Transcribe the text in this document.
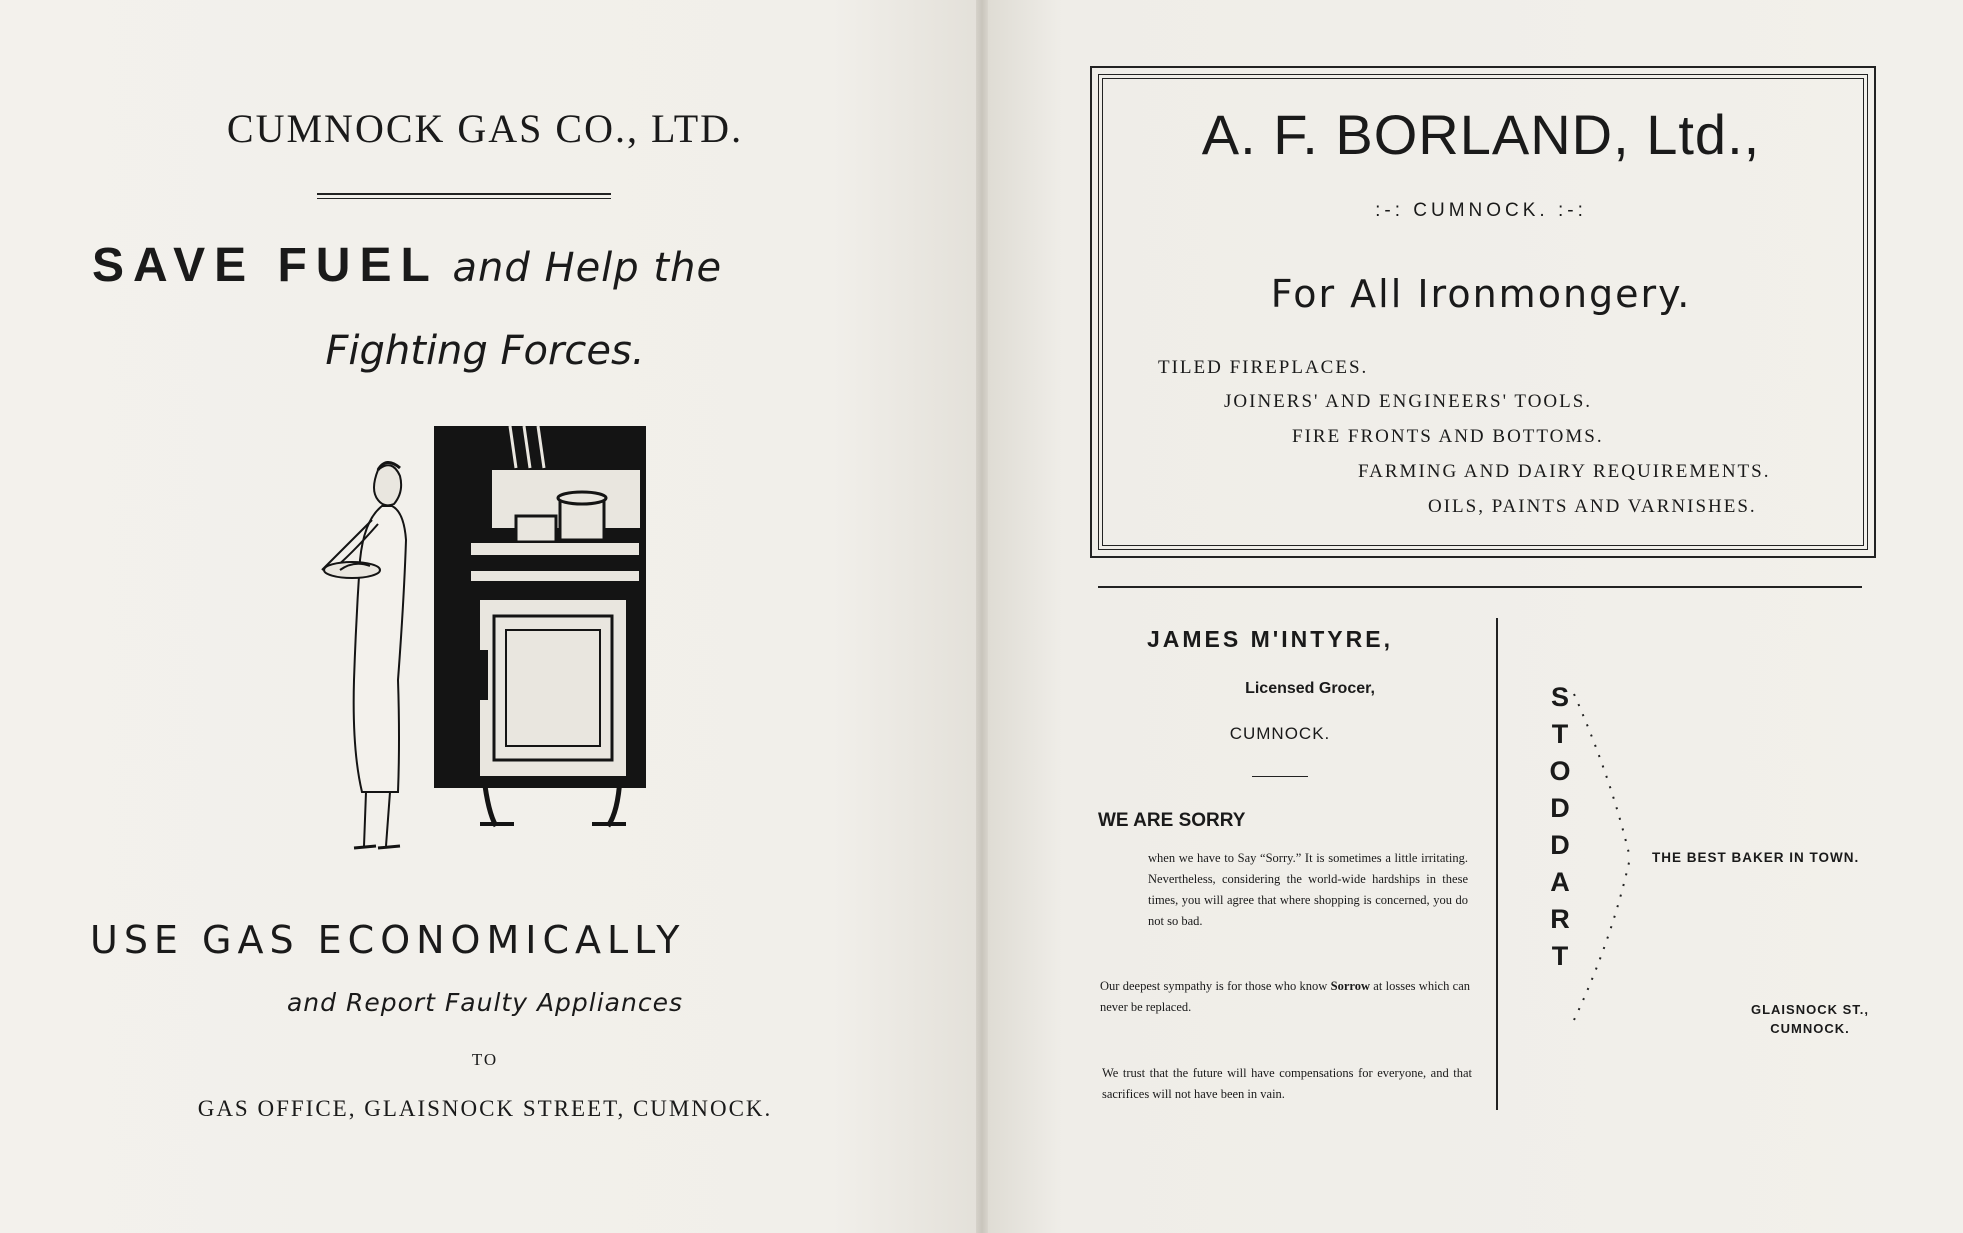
CUMNOCK GAS CO., LTD.
SAVE FUEL and Help the
Fighting Forces.
USE GAS ECONOMICALLY
and Report Faulty Appliances
TO
GAS OFFICE, GLAISNOCK STREET, CUMNOCK.
A. F. BORLAND, Ltd.,
:-: CUMNOCK. :-:
For All Ironmongery.
TILED FIREPLACES.
JOINERS' AND ENGINEERS' TOOLS.
FIRE FRONTS AND BOTTOMS.
FARMING AND DAIRY REQUIREMENTS.
OILS, PAINTS AND VARNISHES.
JAMES M'INTYRE,
Licensed Grocer,
CUMNOCK.
WE ARE SORRY
when we have to Say “Sorry.” It is sometimes a little irritating. Nevertheless, considering the world-wide hardships in these times, you will agree that where shopping is concerned, you do not so bad.
Our deepest sympathy is for those who know Sorrow at losses which can never be replaced.
We trust that the future will have compensations for everyone, and that sacrifices will not have been in vain.
S
T
O
D
D
A
R
T
THE BEST BAKER IN TOWN.
GLAISNOCK ST.,
CUMNOCK.
